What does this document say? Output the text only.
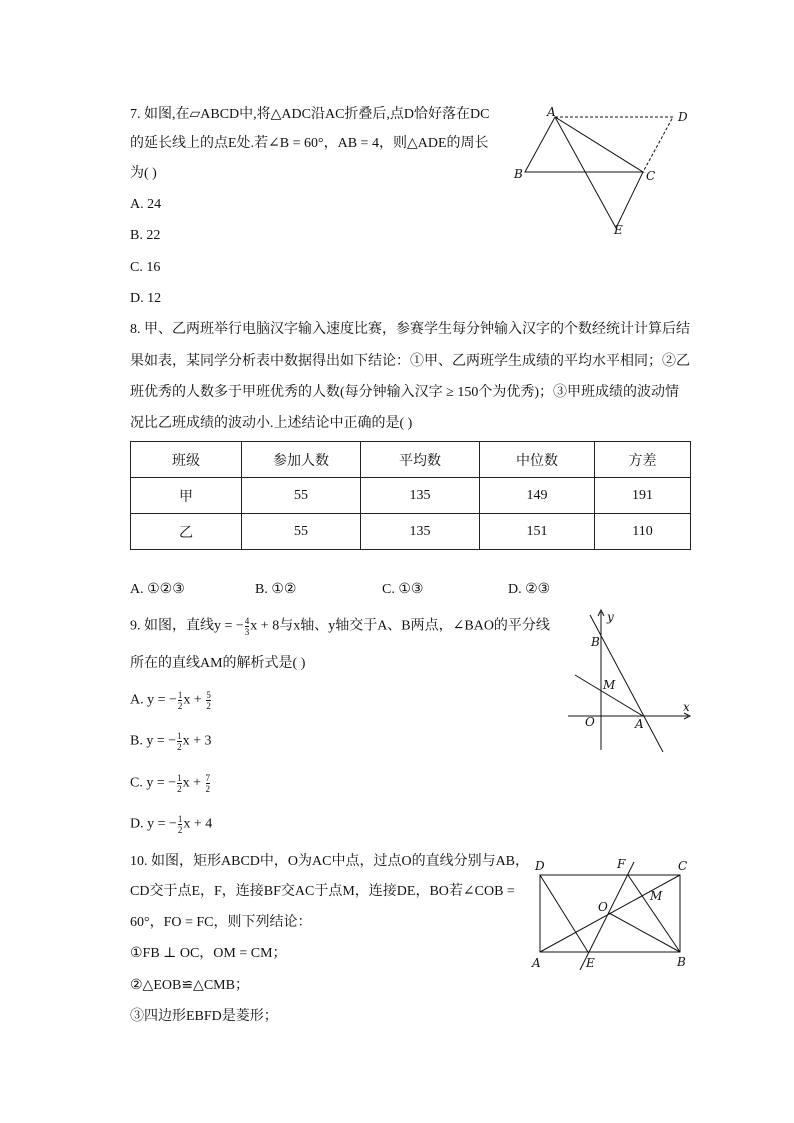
7. 如图,在▱ABCD中,将△ADC沿AC折叠后,点D恰好落在DC
的延长线上的点E处.若∠B = 60°，AB = 4，则△ADE的周长
为( )
A. 24
B. 22
C. 16
D. 12
8. 甲、乙两班举行电脑汉字输入速度比赛，参赛学生每分钟输入汉字的个数经统计计算后结
果如表，某同学分析表中数据得出如下结论：①甲、乙两班学生成绩的平均水平相同；②乙
班优秀的人数多于甲班优秀的人数(每分钟输入汉字 ≥ 150个为优秀)；③甲班成绩的波动情
况比乙班成绩的波动小.上述结论中正确的是( )
班级	参加人数	平均数	中位数	方差
甲	55	135	149	191
乙	55	135	151	110
A. ①②③	B. ①②	C. ①③	D. ②③
9. 如图，直线y = − $\frac{4}{3}$ x + 8与x轴、y轴交于A、B两点，∠BAO的平分线
所在的直线AM的解析式是( )
A. y = − $\frac{1}{2}$ $x + \frac{5}{2}$
B. y = − $\frac{1}{2}$ x + 3
C. y = − $\frac{1}{2}$ $x + \frac{7}{2}$
D. y = − $\frac{1}{2}$ x + 4
10. 如图，矩形ABCD中，O为AC中点，过点O的直线分别与AB，
CD交于点E，F，连接BF交AC于点M，连接DE，BO若∠COB =
60°，FO = FC，则下列结论：
①FB ⊥ OC，OM = CM；
②△EOB≌△CMB；
③四边形EBFD是菱形；
A	D
B	C
E
y
B
M
O	A
x
D	F	C
O
M
A	E	B
